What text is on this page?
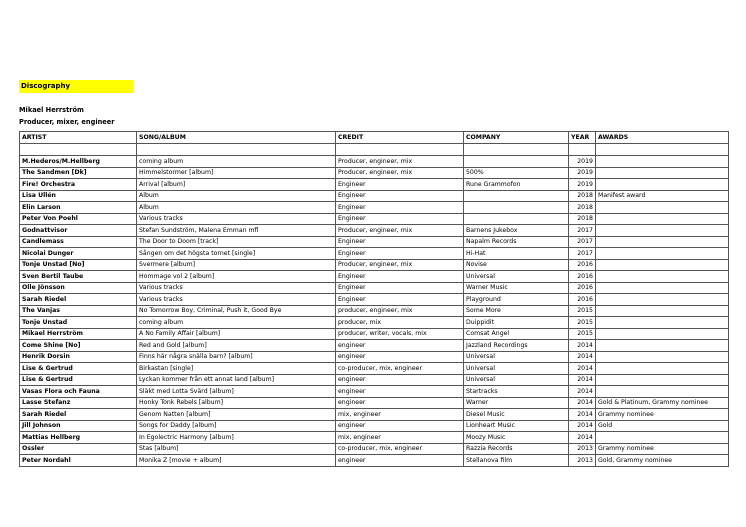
Discography
Mikael Herrström
Producer, mixer, engineer
ARTIST	SONG/ALBUM	CREDIT	COMPANY	YEAR	AWARDS

M.Hederos/M.Hellberg	coming album	Producer, engineer, mix		2019	
The Sandmen [Dk]	Himmelstormer [album]	Producer, engineer, mix	500%	2019	
Fire! Orchestra	Arrival [album]	Engineer	Rune Grammofon	2019	
Lisa Ullén	Album	Engineer		2018	Manifest award
Elin Larson	Album	Engineer		2018	
Peter Von Poehl	Various tracks	Engineer		2018	
Godnattvisor	Stefan Sundström, Malena Emman mfl	Producer, engineer, mix	Barnens Jukebox	2017	
Candlemass	The Door to Doom [track]	Engineer	Napalm Records	2017	
Nicolai Dunger	Sången om det högsta tornet [single]	Engineer	Hi-Hat	2017	
Tonje Unstad [No]	Svermere [album]	Producer, engineer, mix	Novise	2016	
Sven Bertil Taube	Hommage vol 2 [album]	Engineer	Universal	2016	
Olle Jönsson	Various tracks	Engineer	Warner Music	2016	
Sarah Riedel	Various tracks	Engineer	Playground	2016	
The Vanjas	No Tomorrow Boy, Criminal, Push it, Good Bye	producer, engineer, mix	Some More	2015	
Tonje Unstad	coming album	producer, mix	Duippidit	2015	
Mikael Herrström	A No Family Affair [album]	producer, writer, vocals, mix	Comsat Angel	2015	
Come Shine [No]	Red and Gold [album]	engineer	Jazzland Recordings	2014	
Henrik Dorsin	Finns här några snälla barn? [album]	engineer	Universal	2014	
Lise & Gertrud	Birkastan [single]	co-producer, mix, engineer	Universal	2014	
Lise & Gertrud	Lyckan kommer från ett annat land [album]	engineer	Universal	2014	
Vasas Flora och Fauna	Släkt med Lotta Svärd [album]	engineer	Startracks	2014	
Lasse Stefanz	Honky Tonk Rebels [album]	engineer	Warner	2014	Gold & Platinum, Grammy nominee
Sarah Riedel	Genom Natten [album]	mix, engineer	Diesel Music	2014	Grammy nominee
Jill Johnson	Songs for Daddy [album]	engineer	Lionheart Music	2014	Gold
Mattias Hellberg	In Egolectric Harmony [album]	mix, engineer	Moozy Music	2014	
Ossler	Stas [album]	co-producer, mix, engineer	Razzia Records	2013	Grammy nominee
Peter Nordahl	Monika Z [movie + album]	engineer	Stellanova film	2013	Gold, Grammy nominee
